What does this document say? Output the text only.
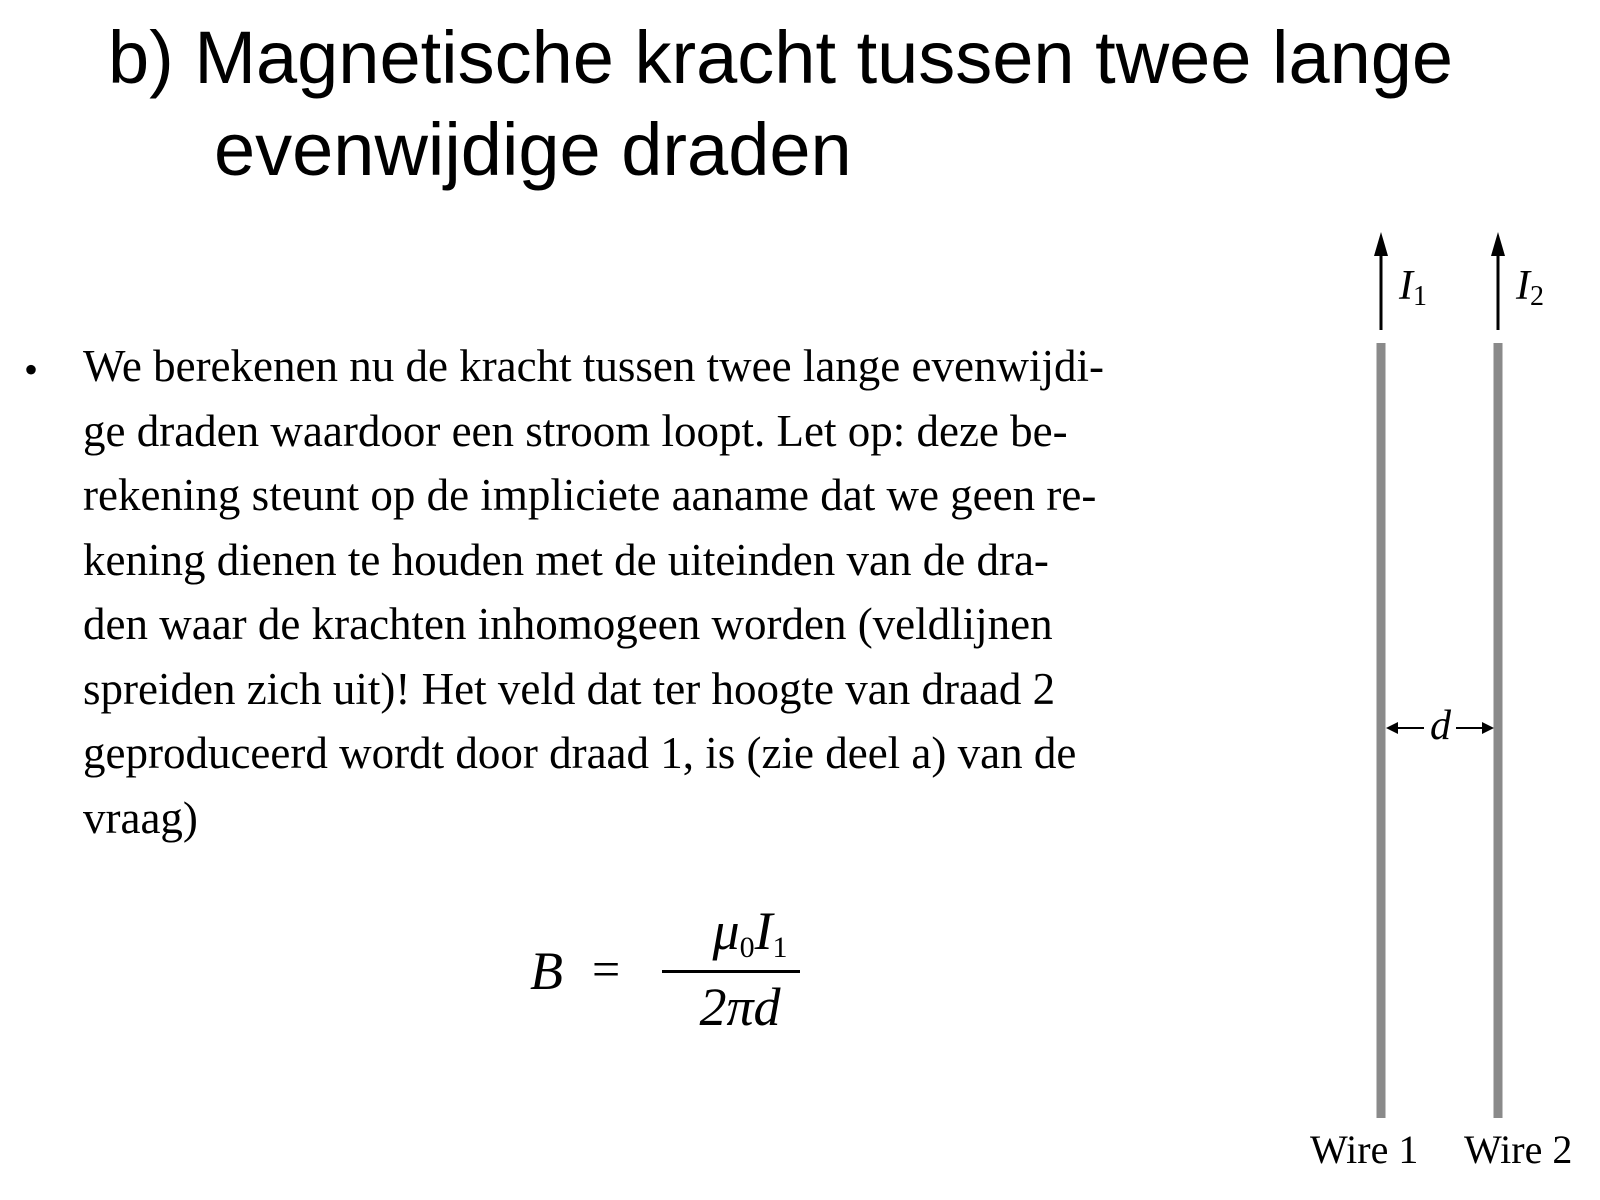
b) Magnetische kracht tussen twee lange
evenwijdige draden
• We berekenen nu de kracht tussen twee lange evenwijdi-
ge draden waardoor een stroom loopt. Let op: deze be-
rekening steunt op de impliciete aaname dat we geen re-
kening dienen te houden met de uiteinden van de dra-
den waar de krachten inhomogeen worden (veldlijnen
spreiden zich uit)! Het veld dat ter hoogte van draad 2
geproduceerd wordt door draad 1, is (zie deel a) van de
vraag)
B =
$\mu_0I_1$
2πd
$I_1$ $I_2$
d
Wire 1 Wire 2
